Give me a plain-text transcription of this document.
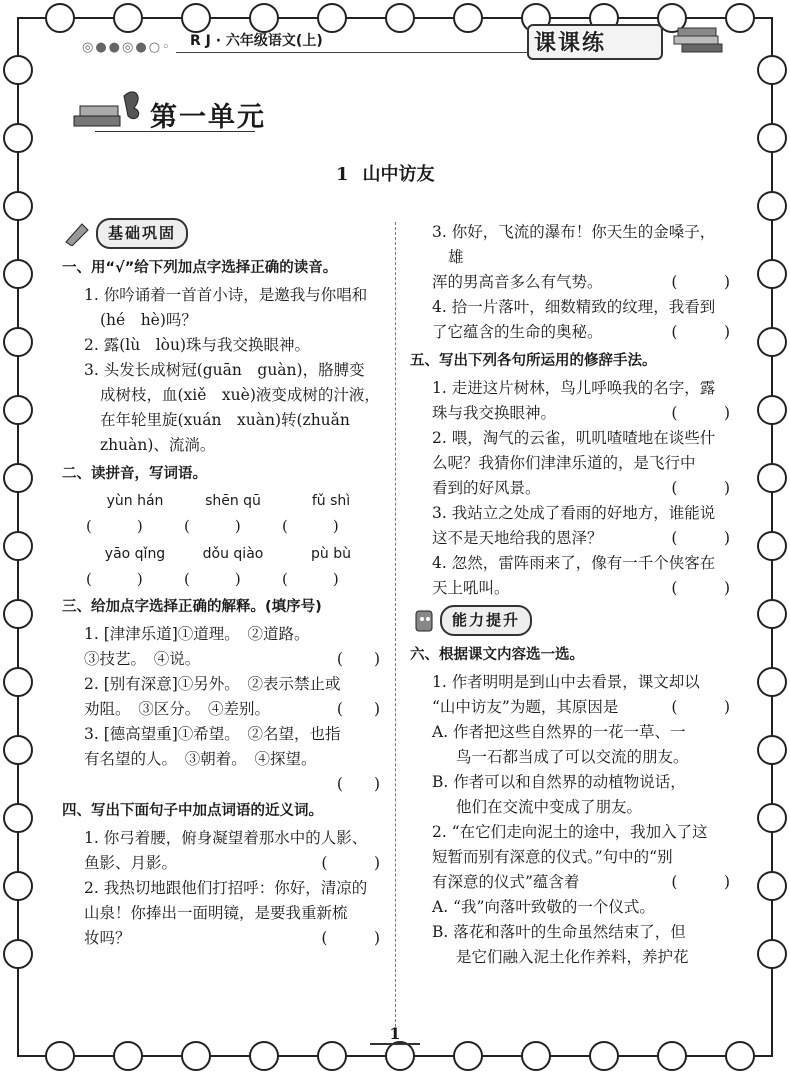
◎●●◎●○◦ R J · 六年级语文(上)	课课练
第一单元
1 山中访友
基础巩固
一、用“√”给下列加点字选择正确的读音。

1. 你吟诵着一首首小诗，是邀我与你唱和(hé　hè)吗？

2. 露(lù　lòu)珠与我交换眼神。

3. 头发长成树冠(guān　guàn)，胳膊变成树枝，血(xiě　xuè)液变成树的汁液，在年轮里旋(xuán　xuàn)转(zhuǎn　zhuàn)、流淌。

二、读拼音，写词语。
yùn hán	shēn qū	fǔ shì
(　　　)	(　　　)	(　　　)
yāo qǐng	dǒu qiào	pù bù
(　　　)	(　　　)	(　　　)
三、给加点字选择正确的解释。(填序号)

1. [津津乐道]①道理。　②道路。

③技艺。　④说。	(　　)

2. [别有深意]①另外。　②表示禁止或

劝阻。　③区分。　④差别。	(　　)

3. [德高望重]①希望。　②名望，也指

有名望的人。　③朝着。　④探望。

(　　)

四、写出下面句子中加点词语的近义词。

1. 你弓着腰，俯身凝望着那水中的人影、

鱼影、月影。	(　　　)

2. 我热切地跟他们打招呼：你好，清凉的

山泉！你捧出一面明镜，是要我重新梳

妆吗？	(　　　)

3. 你好，飞流的瀑布！你天生的金嗓子，雄

浑的男高音多么有气势。	(　　　)

4. 拾一片落叶，细数精致的纹理，我看到

了它蕴含的生命的奥秘。	(　　　)

五、写出下列各句所运用的修辞手法。

1. 走进这片树林，鸟儿呼唤我的名字，露

珠与我交换眼神。	(　　　)

2. 喂，淘气的云雀，叽叽喳喳地在谈些什

么呢？我猜你们津津乐道的，是飞行中

看到的好风景。	(　　　)

3. 我站立之处成了看雨的好地方，谁能说

这不是天地给我的恩泽？	(　　　)

4. 忽然，雷阵雨来了，像有一千个侠客在

天上吼叫。	(　　　)

能力提升
六、根据课文内容选一选。

1. 作者明明是到山中去看景，课文却以

“山中访友”为题，其原因是	(　　　)

A. 作者把这些自然界的一花一草、一

鸟一石都当成了可以交流的朋友。

B. 作者可以和自然界的动植物说话，

他们在交流中变成了朋友。

2. “在它们走向泥土的途中，我加入了这

短暂而别有深意的仪式。”句中的“别

有深意的仪式”蕴含着	(　　　)

A. “我”向落叶致敬的一个仪式。

B. 落花和落叶的生命虽然结束了，但

是它们融入泥土化作养料，养护花

1
